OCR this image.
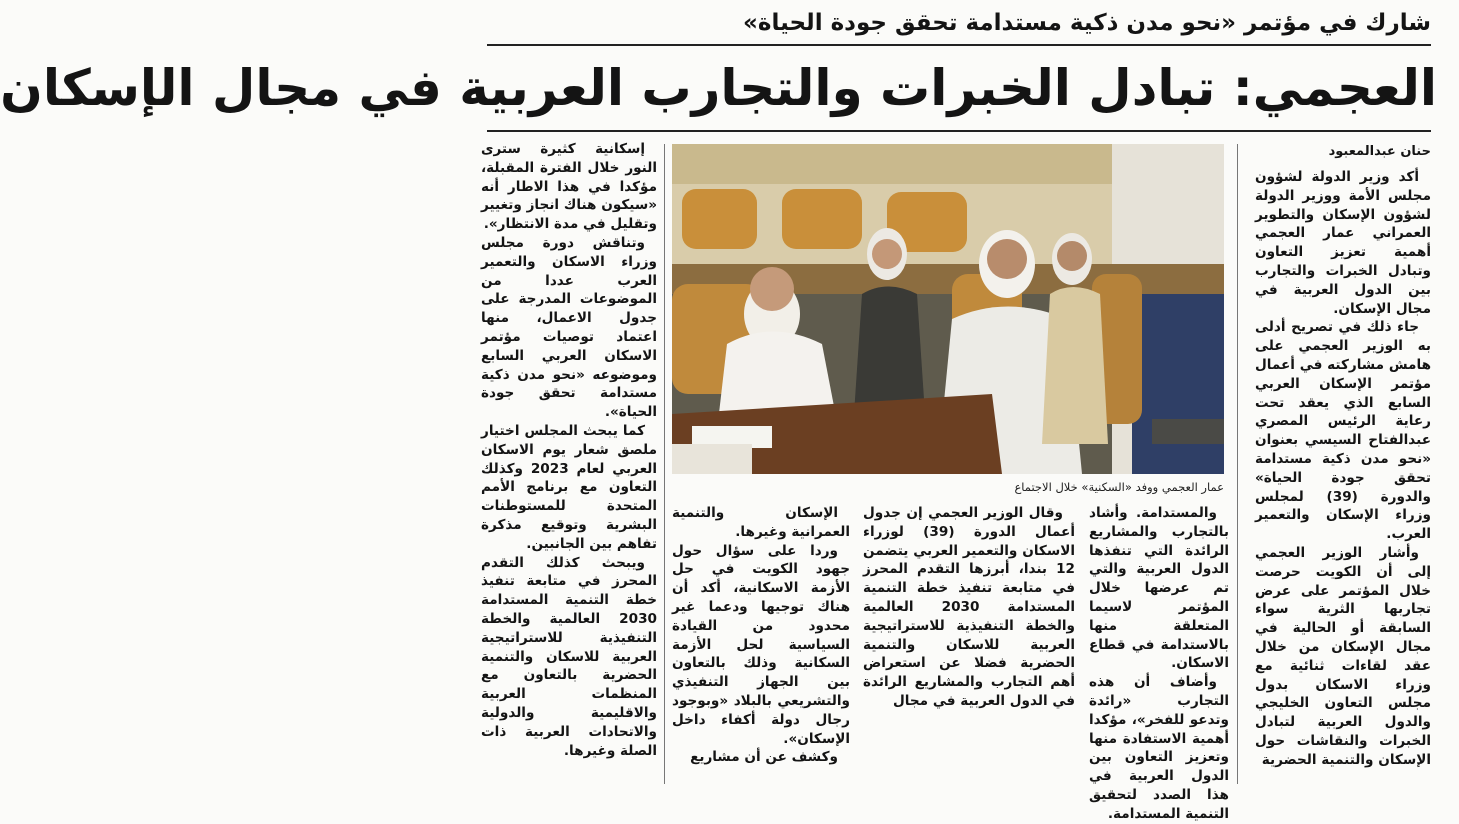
شارك في مؤتمر «نحو مدن ذكية مستدامة تحقق جودة الحياة»
العجمي: تبادل الخبرات والتجارب العربية في مجال الإسكان
حنان عبدالمعبود
عمار العجمي ووفد «السكنية» خلال الاجتماع

أكد وزير الدولة لشؤون مجلس الأمة ووزير الدولة لشؤون الإسكان والتطوير العمراني عمار العجمي أهمية تعزيز التعاون وتبادل الخبرات والتجارب بين الدول العربية في مجال الإسكان.

جاء ذلك في تصريح أدلى به الوزير العجمي على هامش مشاركته في أعمال مؤتمر الإسكان العربي السابع الذي يعقد تحت رعاية الرئيس المصري عبدالفتاح السيسي بعنوان «نحو مدن ذكية مستدامة تحقق جودة الحياة» والدورة (39) لمجلس وزراء الإسكان والتعمير العرب.

وأشار الوزير العجمي إلى أن الكويت حرصت خلال المؤتمر على عرض تجاربها الثرية سواء السابقة أو الحالية في مجال الإسكان من خلال عقد لقاءات ثنائية مع وزراء الاسكان بدول مجلس التعاون الخليجي والدول العربية لتبادل الخبرات والنقاشات حول الإسكان والتنمية الحضرية

والمستدامة. وأشاد بالتجارب والمشاريع الرائدة التي تنفذها الدول العربية والتي تم عرضها خلال المؤتمر لاسيما المتعلقة منها بالاستدامة في قطاع الاسكان.

وأضاف أن هذه التجارب «رائدة وتدعو للفخر»، مؤكدا أهمية الاستفادة منها وتعزيز التعاون بين الدول العربية في هذا الصدد لتحقيق التنمية المستدامة.

وقال الوزير العجمي إن جدول أعمال الدورة (39) لوزراء الاسكان والتعمير العربي يتضمن 12 بندا، أبرزها التقدم المحرز في متابعة تنفيذ خطة التنمية المستدامة 2030 العالمية والخطة التنفيذية للاستراتيجية العربية للاسكان والتنمية الحضرية فضلا عن استعراض أهم التجارب والمشاريع الرائدة في الدول العربية في مجال

الإسكان والتنمية العمرانية وغيرها.

وردا على سؤال حول جهود الكويت في حل الأزمة الاسكانية، أكد أن هناك توجيها ودعما غير محدود من القيادة السياسية لحل الأزمة السكانية وذلك بالتعاون بين الجهاز التنفيذي والتشريعي بالبلاد «وبوجود رجال دولة أكفاء داخل الإسكان».

وكشف عن أن مشاريع

إسكانية كثيرة سترى النور خلال الفترة المقبلة، مؤكدا في هذا الاطار أنه «سيكون هناك انجاز وتغيير وتقليل في مدة الانتظار».

وتناقش دورة مجلس وزراء الاسكان والتعمير العرب عددا من الموضوعات المدرجة على جدول الاعمال، منها اعتماد توصيات مؤتمر الاسكان العربي السابع وموضوعه «نحو مدن ذكية مستدامة تحقق جودة الحياة».

كما يبحث المجلس اختيار ملصق شعار يوم الاسكان العربي لعام 2023 وكذلك التعاون مع برنامج الأمم المتحدة للمستوطنات البشرية وتوقيع مذكرة تفاهم بين الجانبين.

ويبحث كذلك التقدم المحرز في متابعة تنفيذ خطة التنمية المستدامة 2030 العالمية والخطة التنفيذية للاستراتيجية العربية للاسكان والتنمية الحضرية بالتعاون مع المنظمات العربية والاقليمية والدولية والاتحادات العربية ذات الصلة وغيرها.
